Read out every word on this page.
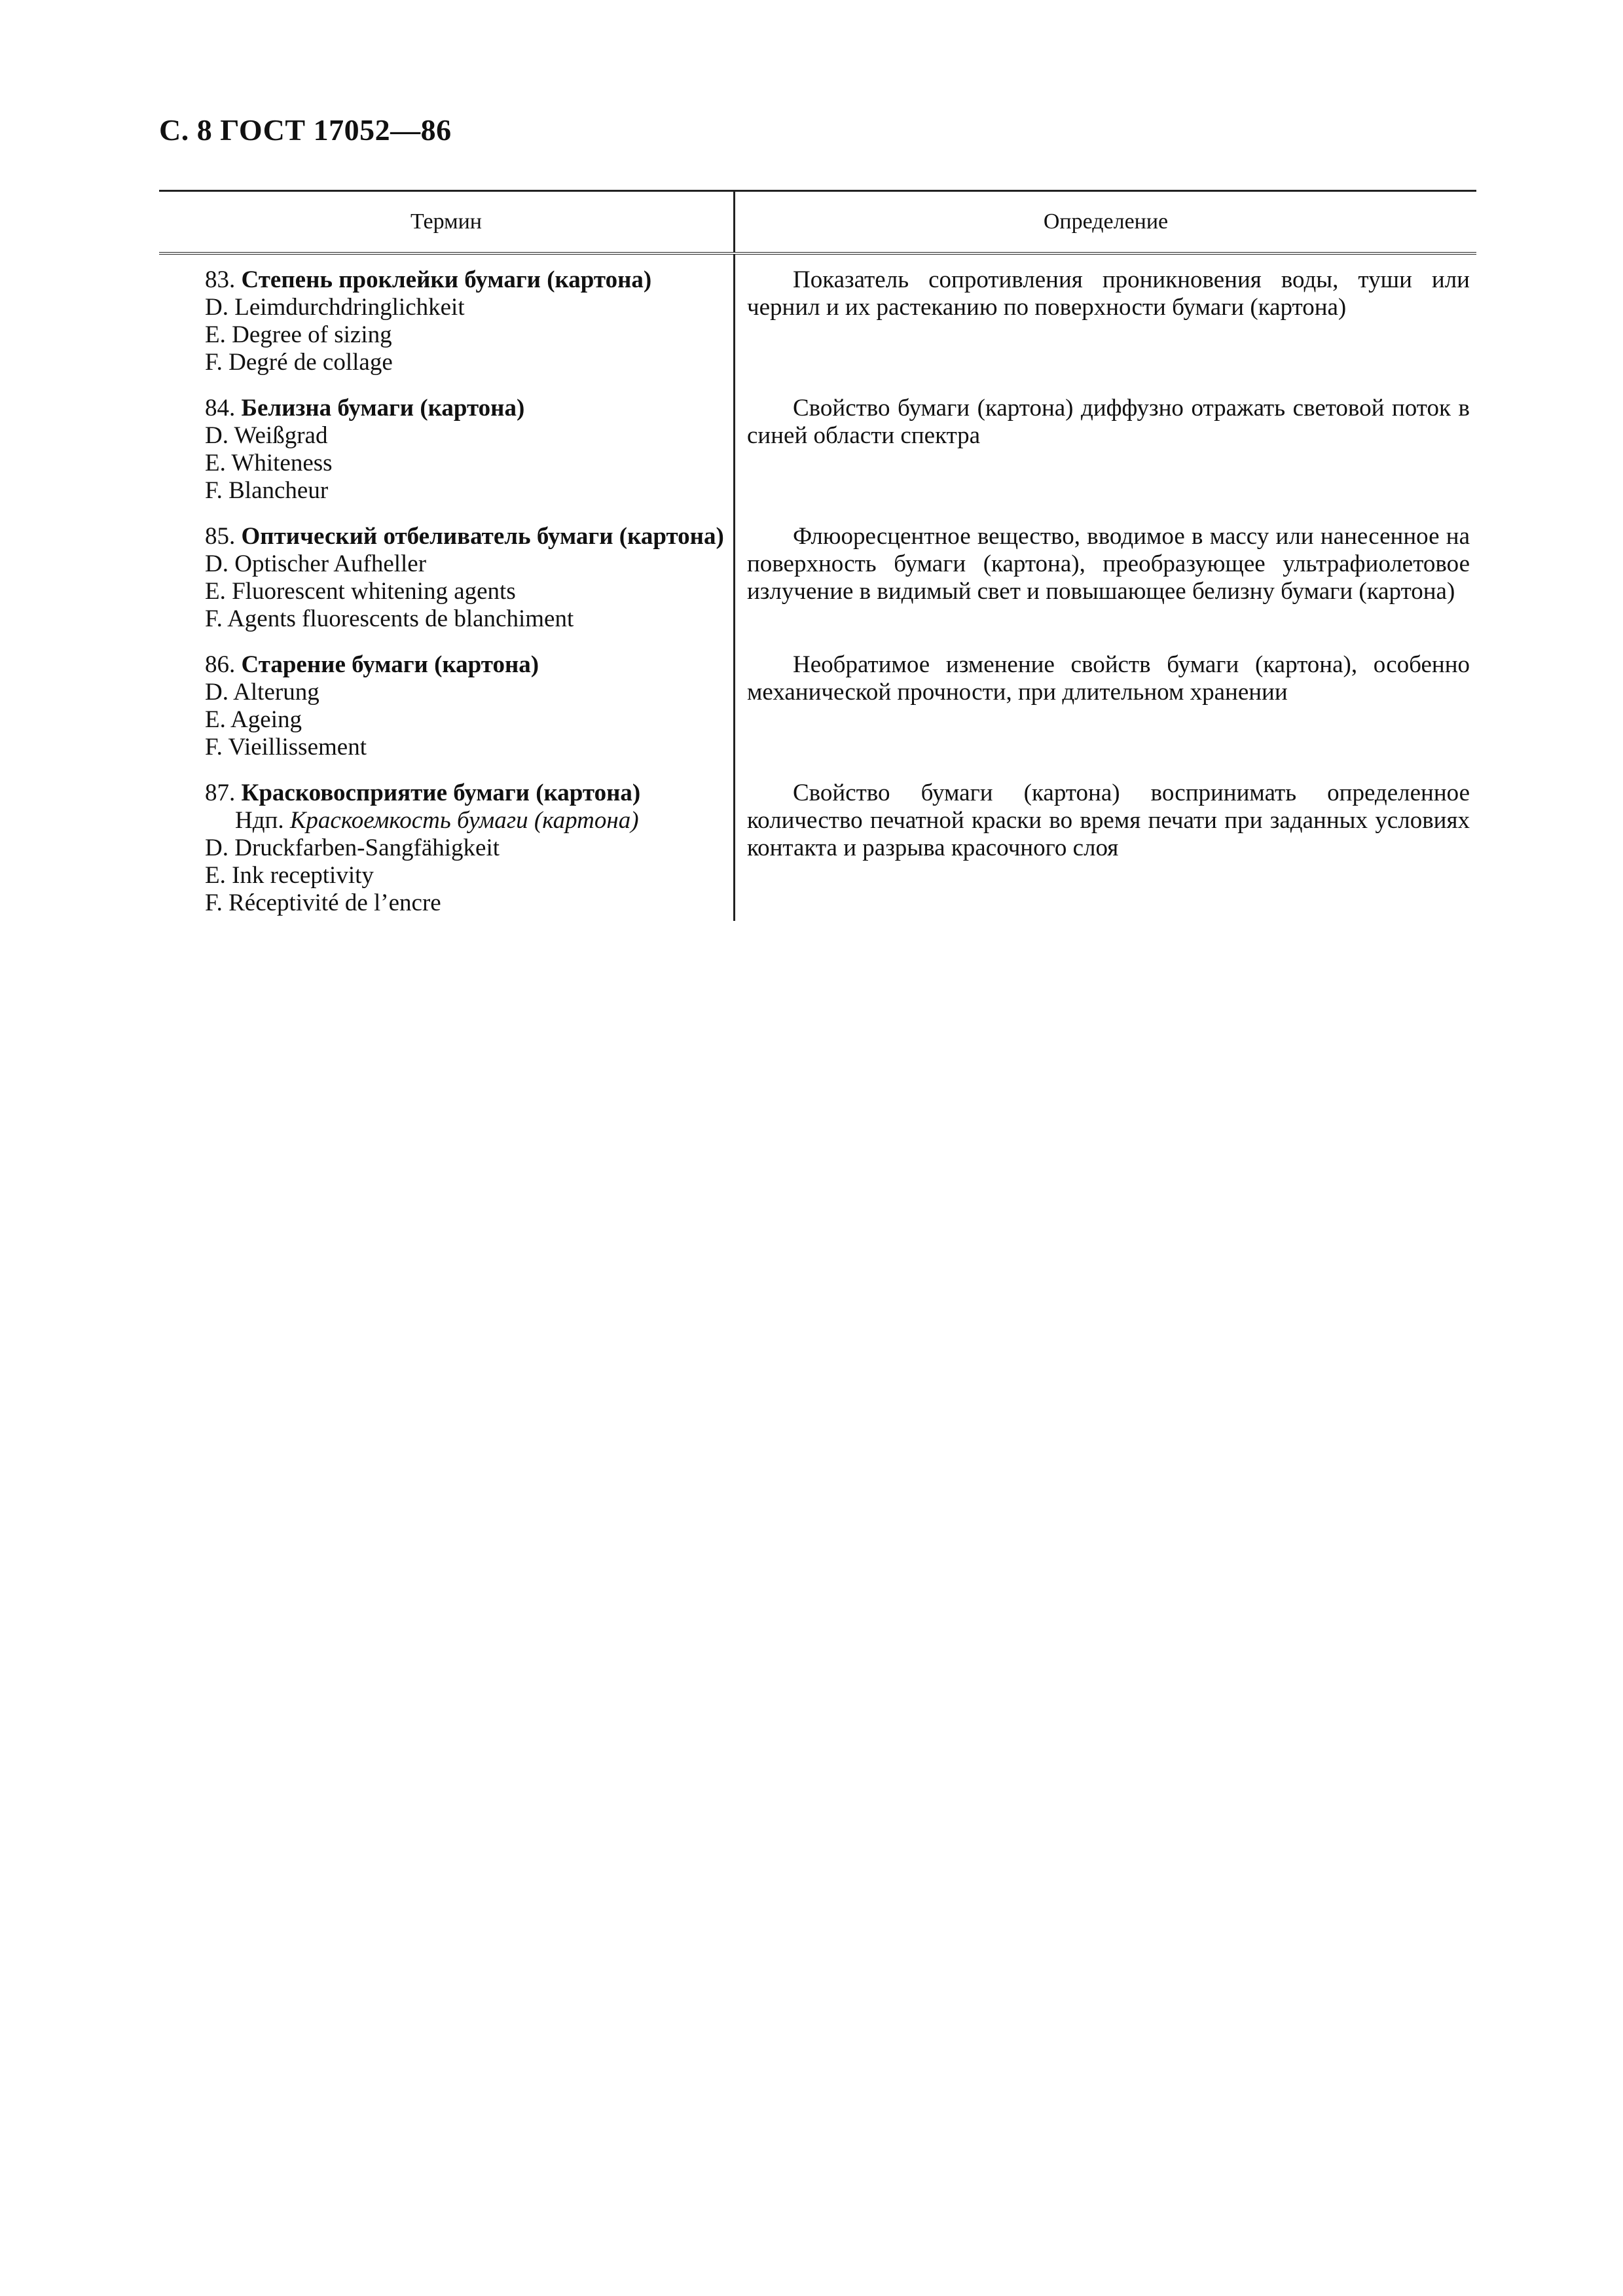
С. 8 ГОСТ 17052—86
Термин	Определение
83. Степень проклейки бумаги (картона)
D. Leimdurchdringlichkeit
E. Degree of sizing
F. Degré de collage
Показатель сопротивления проникновения воды, туши или чернил и их растеканию по поверхности бумаги (картона)
84. Белизна бумаги (картона)
D. Weißgrad
E. Whiteness
F. Blancheur
Свойство бумаги (картона) диффузно отражать световой поток в синей области спектра
85. Оптический отбеливатель бумаги (картона)
D. Optischer Aufheller
E. Fluorescent whitening agents
F. Agents fluorescents de blanchiment
Флюоресцентное вещество, вводимое в массу или нанесенное на поверхность бумаги (картона), преобразующее ультрафиолетовое излучение в видимый свет и повышающее белизну бумаги (картона)
86. Старение бумаги (картона)
D. Alterung
E. Ageing
F. Vieillissement
Необратимое изменение свойств бумаги (картона), особенно механической прочности, при длительном хранении
87. Красковосприятие бумаги (картона)
Ндп. Краскоемкость бумаги (картона)
D. Druckfarben-Sangfähigkeit
E. Ink receptivity
F. Réceptivité de l’encre
Свойство бумаги (картона) воспринимать определенное количество печатной краски во время печати при заданных условиях контакта и разрыва красочного слоя
